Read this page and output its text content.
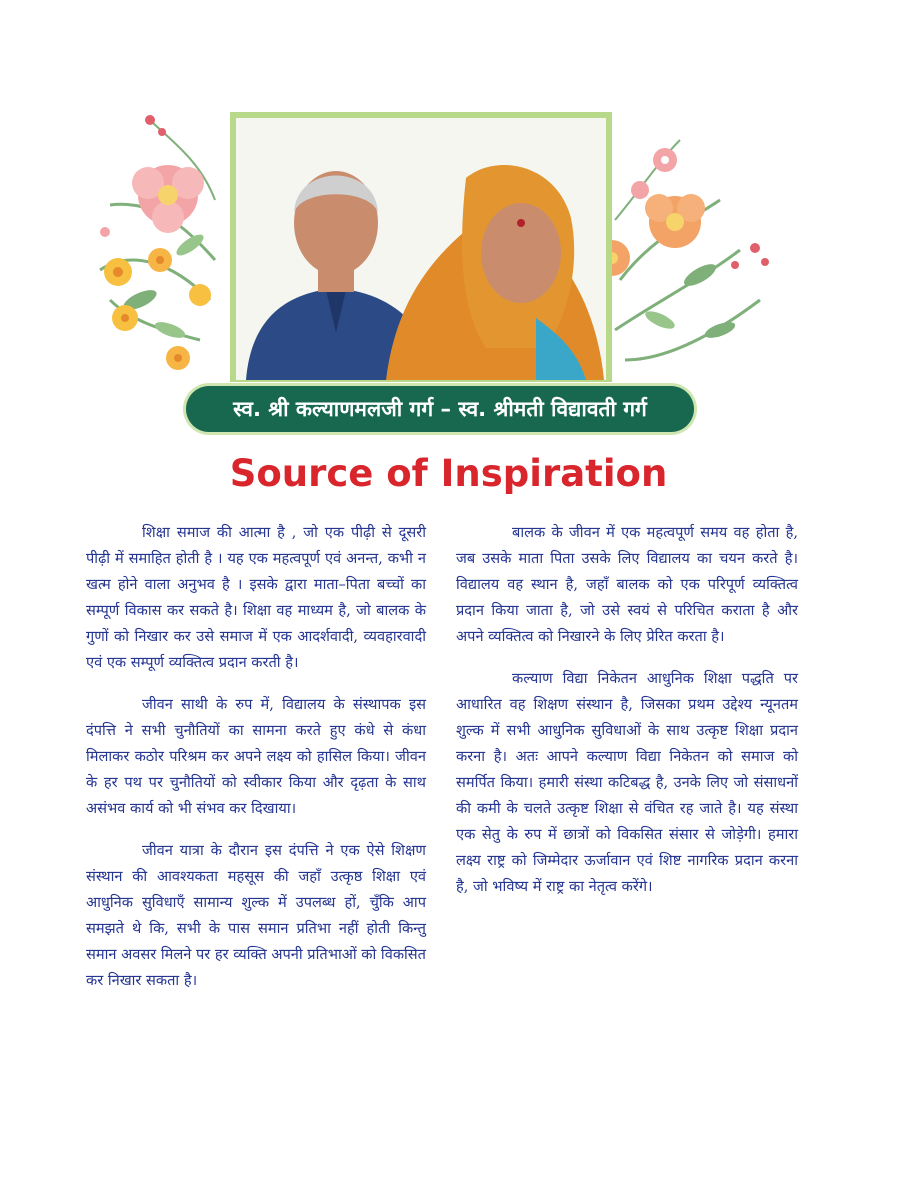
स्व. श्री कल्याणमलजी गर्ग – स्व. श्रीमती विद्यावती गर्ग
Source of Inspiration

शिक्षा समाज की आत्मा है , जो एक पीढ़ी से दूसरी पीढ़ी में समाहित होती है । यह एक महत्वपूर्ण एवं अनन्त, कभी न खत्म होने वाला अनुभव है । इसके द्वारा माता–पिता बच्चों का सम्पूर्ण विकास कर सकते है। शिक्षा वह माध्यम है, जो बालक के गुणों को निखार कर उसे समाज में एक आदर्शवादी, व्यवहारवादी एवं एक सम्पूर्ण व्यक्तित्व प्रदान करती है।

जीवन साथी के रुप में, विद्यालय के संस्थापक इस दंपत्ति ने सभी चुनौतियों का सामना करते हुए कंधे से कंधा मिलाकर कठोर परिश्रम कर अपने लक्ष्य को हासिल किया। जीवन के हर पथ पर चुनौतियों को स्वीकार किया और दृढ़ता के साथ असंभव कार्य को भी संभव कर दिखाया।

जीवन यात्रा के दौरान इस दंपत्ति ने एक ऐसे शिक्षण संस्थान की आवश्यकता महसूस की जहाँ उत्कृष्ठ शिक्षा एवं आधुनिक सुविधाएँ सामान्य शुल्क में उपलब्ध हों, चुँकि आप समझते थे कि, सभी के पास समान प्रतिभा नहीं होती किन्तु समान अवसर मिलने पर हर व्यक्ति अपनी प्रतिभाओं को विकसित कर निखार सकता है।

बालक के जीवन में एक महत्वपूर्ण समय वह होता है, जब उसके माता पिता उसके लिए विद्यालय का चयन करते है। विद्यालय वह स्थान है, जहाँ बालक को एक परिपूर्ण व्यक्तित्व प्रदान किया जाता है, जो उसे स्वयं से परिचित कराता है और अपने व्यक्तित्व को निखारने के लिए प्रेरित करता है।

कल्याण विद्या निकेतन आधुनिक शिक्षा पद्धति पर आधारित वह शिक्षण संस्थान है, जिसका प्रथम उद्देश्य न्यूनतम शुल्क में सभी आधुनिक सुविधाओं के साथ उत्कृष्ट शिक्षा प्रदान करना है। अतः आपने कल्याण विद्या निकेतन को समाज को समर्पित किया। हमारी संस्था कटिबद्ध है, उनके लिए जो संसाधनों की कमी के चलते उत्कृष्ट शिक्षा से वंचित रह जाते है। यह संस्था एक सेतु के रुप में छात्रों को विकसित संसार से जोड़ेगी। हमारा लक्ष्य राष्ट्र को जिम्मेदार ऊर्जावान एवं शिष्ट नागरिक प्रदान करना है, जो भविष्य में राष्ट्र का नेतृत्व करेंगे।
